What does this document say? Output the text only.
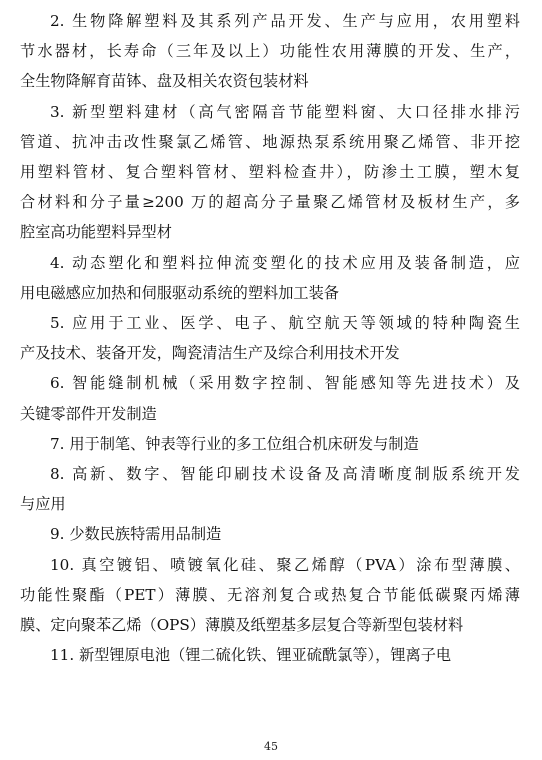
2. 生物降解塑料及其系列产品开发、生产与应用，农用塑料
节水器材，长寿命（三年及以上）功能性农用薄膜的开发、生产，
全生物降解育苗钵、盘及相关农资包装材料

3. 新型塑料建材（高气密隔音节能塑料窗、大口径排水排污
管道、抗冲击改性聚氯乙烯管、地源热泵系统用聚乙烯管、非开挖
用塑料管材、复合塑料管材、塑料检查井），防渗土工膜，塑木复
合材料和分子量≥200 万的超高分子量聚乙烯管材及板材生产，多
腔室高功能塑料异型材

4. 动态塑化和塑料拉伸流变塑化的技术应用及装备制造，应
用电磁感应加热和伺服驱动系统的塑料加工装备

5. 应用于工业、医学、电子、航空航天等领域的特种陶瓷生
产及技术、装备开发，陶瓷清洁生产及综合利用技术开发

6. 智能缝制机械（采用数字控制、智能感知等先进技术）及
关键零部件开发制造

7. 用于制笔、钟表等行业的多工位组合机床研发与制造

8. 高新、数字、智能印刷技术设备及高清晰度制版系统开发
与应用

9. 少数民族特需用品制造

10. 真空镀铝、喷镀氧化硅、聚乙烯醇（PVA）涂布型薄膜、
功能性聚酯（PET）薄膜、无溶剂复合或热复合节能低碳聚丙烯薄
膜、定向聚苯乙烯（OPS）薄膜及纸塑基多层复合等新型包装材料

11. 新型锂原电池（锂二硫化铁、锂亚硫酰氯等），锂离子电

45
